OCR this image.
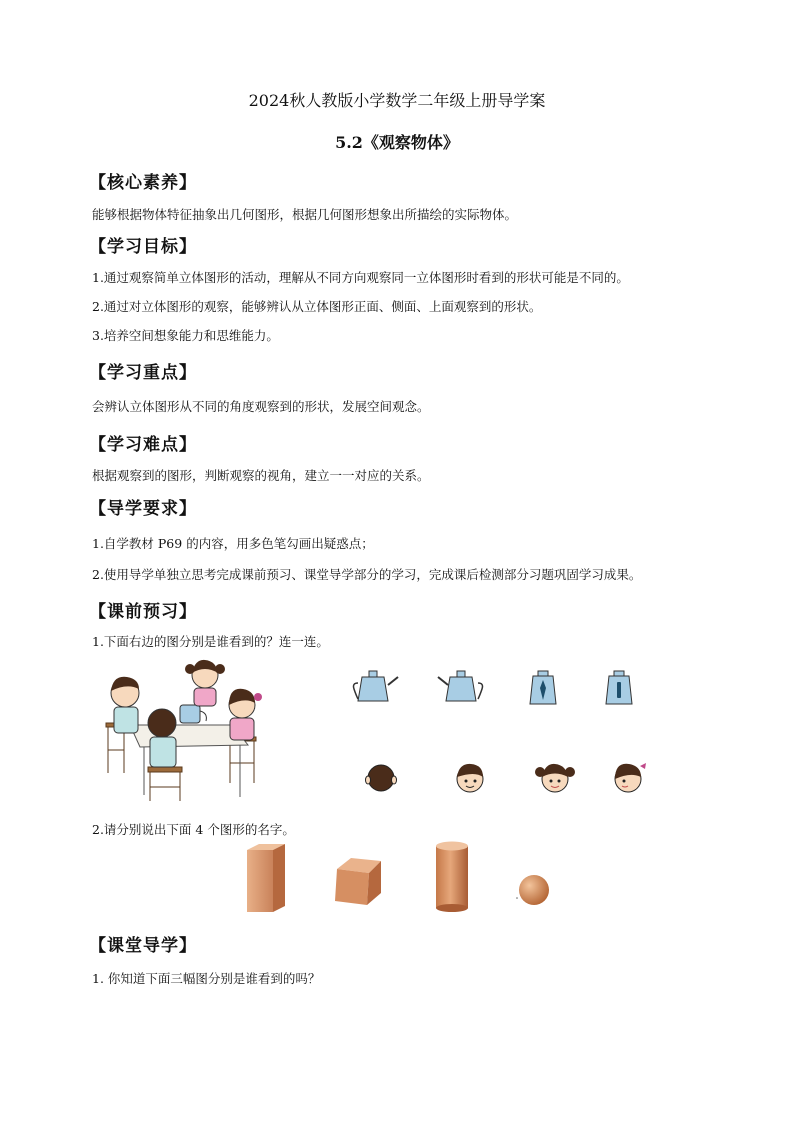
2024秋人教版小学数学二年级上册导学案
5.2《观察物体》
【核心素养】
能够根据物体特征抽象出几何图形，根据几何图形想象出所描绘的实际物体。
【学习目标】
1.通过观察简单立体图形的活动，理解从不同方向观察同一立体图形时看到的形状可能是不同的。
2.通过对立体图形的观察，能够辨认从立体图形正面、侧面、上面观察到的形状。
3.培养空间想象能力和思维能力。
【学习重点】
会辨认立体图形从不同的角度观察到的形状，发展空间观念。
【学习难点】
根据观察到的图形，判断观察的视角，建立一一对应的关系。
【导学要求】
1.自学教材 P69 的内容，用多色笔勾画出疑惑点；
2.使用导学单独立思考完成课前预习、课堂导学部分的学习，完成课后检测部分习题巩固学习成果。
【课前预习】
1.下面右边的图分别是谁看到的？连一连。
2.请分别说出下面 4 个图形的名字。
【课堂导学】
1. 你知道下面三幅图分别是谁看到的吗？
